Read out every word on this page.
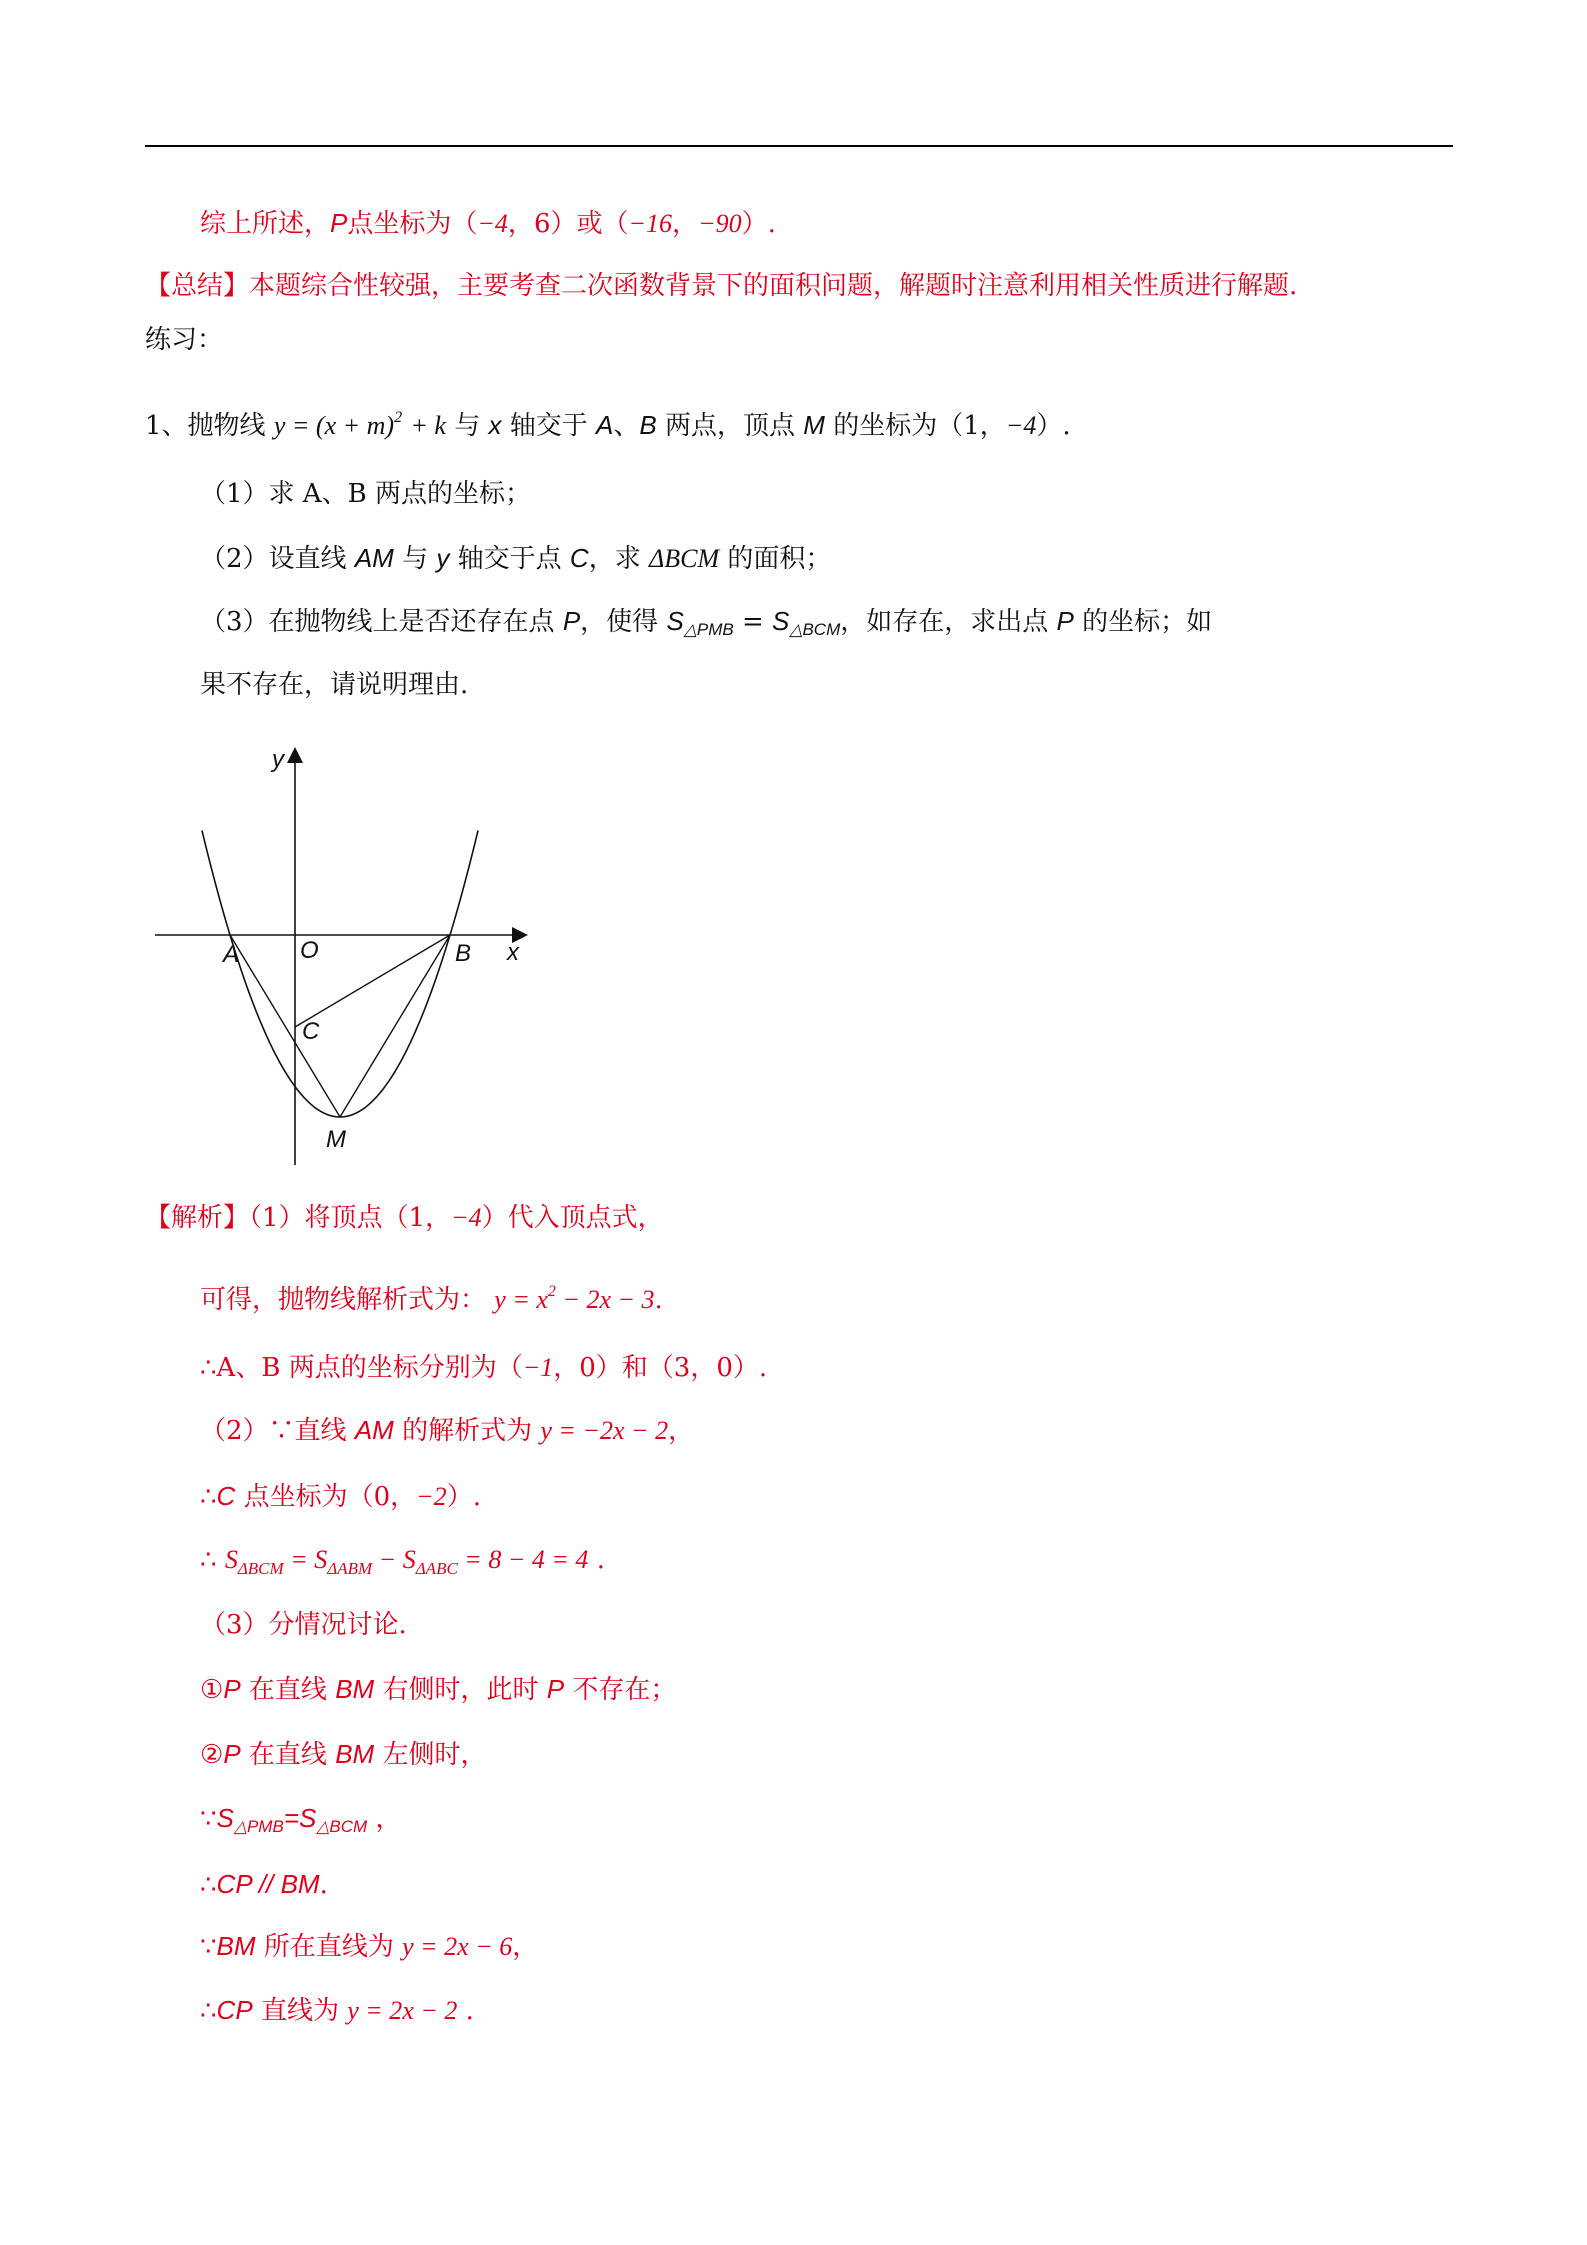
综上所述，P点坐标为（−4，6）或（−16，−90）.
【总结】本题综合性较强，主要考查二次函数背景下的面积问题，解题时注意利用相关性质进行解题.
练习：
1、抛物线 $y = (x + m)^2 + k$ 与 x 轴交于 A、B 两点，顶点 M 的坐标为（1，−4）.
（1）求 A、B 两点的坐标；
（2）设直线 AM 与 y 轴交于点 C，求 ΔBCM 的面积；
（3）在抛物线上是否还存在点 P，使得 $S_{\triangle PMB} = S_{\triangle BCM}$，如存在，求出点 P 的坐标；如
果不存在，请说明理由.
y
x
O
A	B
C
M
【解析】（1）将顶点（1，−4）代入顶点式，
可得，抛物线解析式为： $y = x^2 - 2x - 3$.
∴A、B 两点的坐标分别为（−1，0）和（3，0）.
（2）∵直线 AM 的解析式为 y = −2x − 2，
∴C 点坐标为（0，−2）.
∴ $S_{\Delta BCM} = S_{\Delta ABM} - S_{\Delta ABC} = 8 - 4 = 4$ .
（3）分情况讨论.
①P 在直线 BM 右侧时，此时 P 不存在；
②P 在直线 BM 左侧时，
$\because S_{\triangle PMB}=S_{\triangle BCM}$ ，
∴CP // BM.
∵BM 所在直线为 y = 2x − 6，
∴CP 直线为 y = 2x − 2 .
